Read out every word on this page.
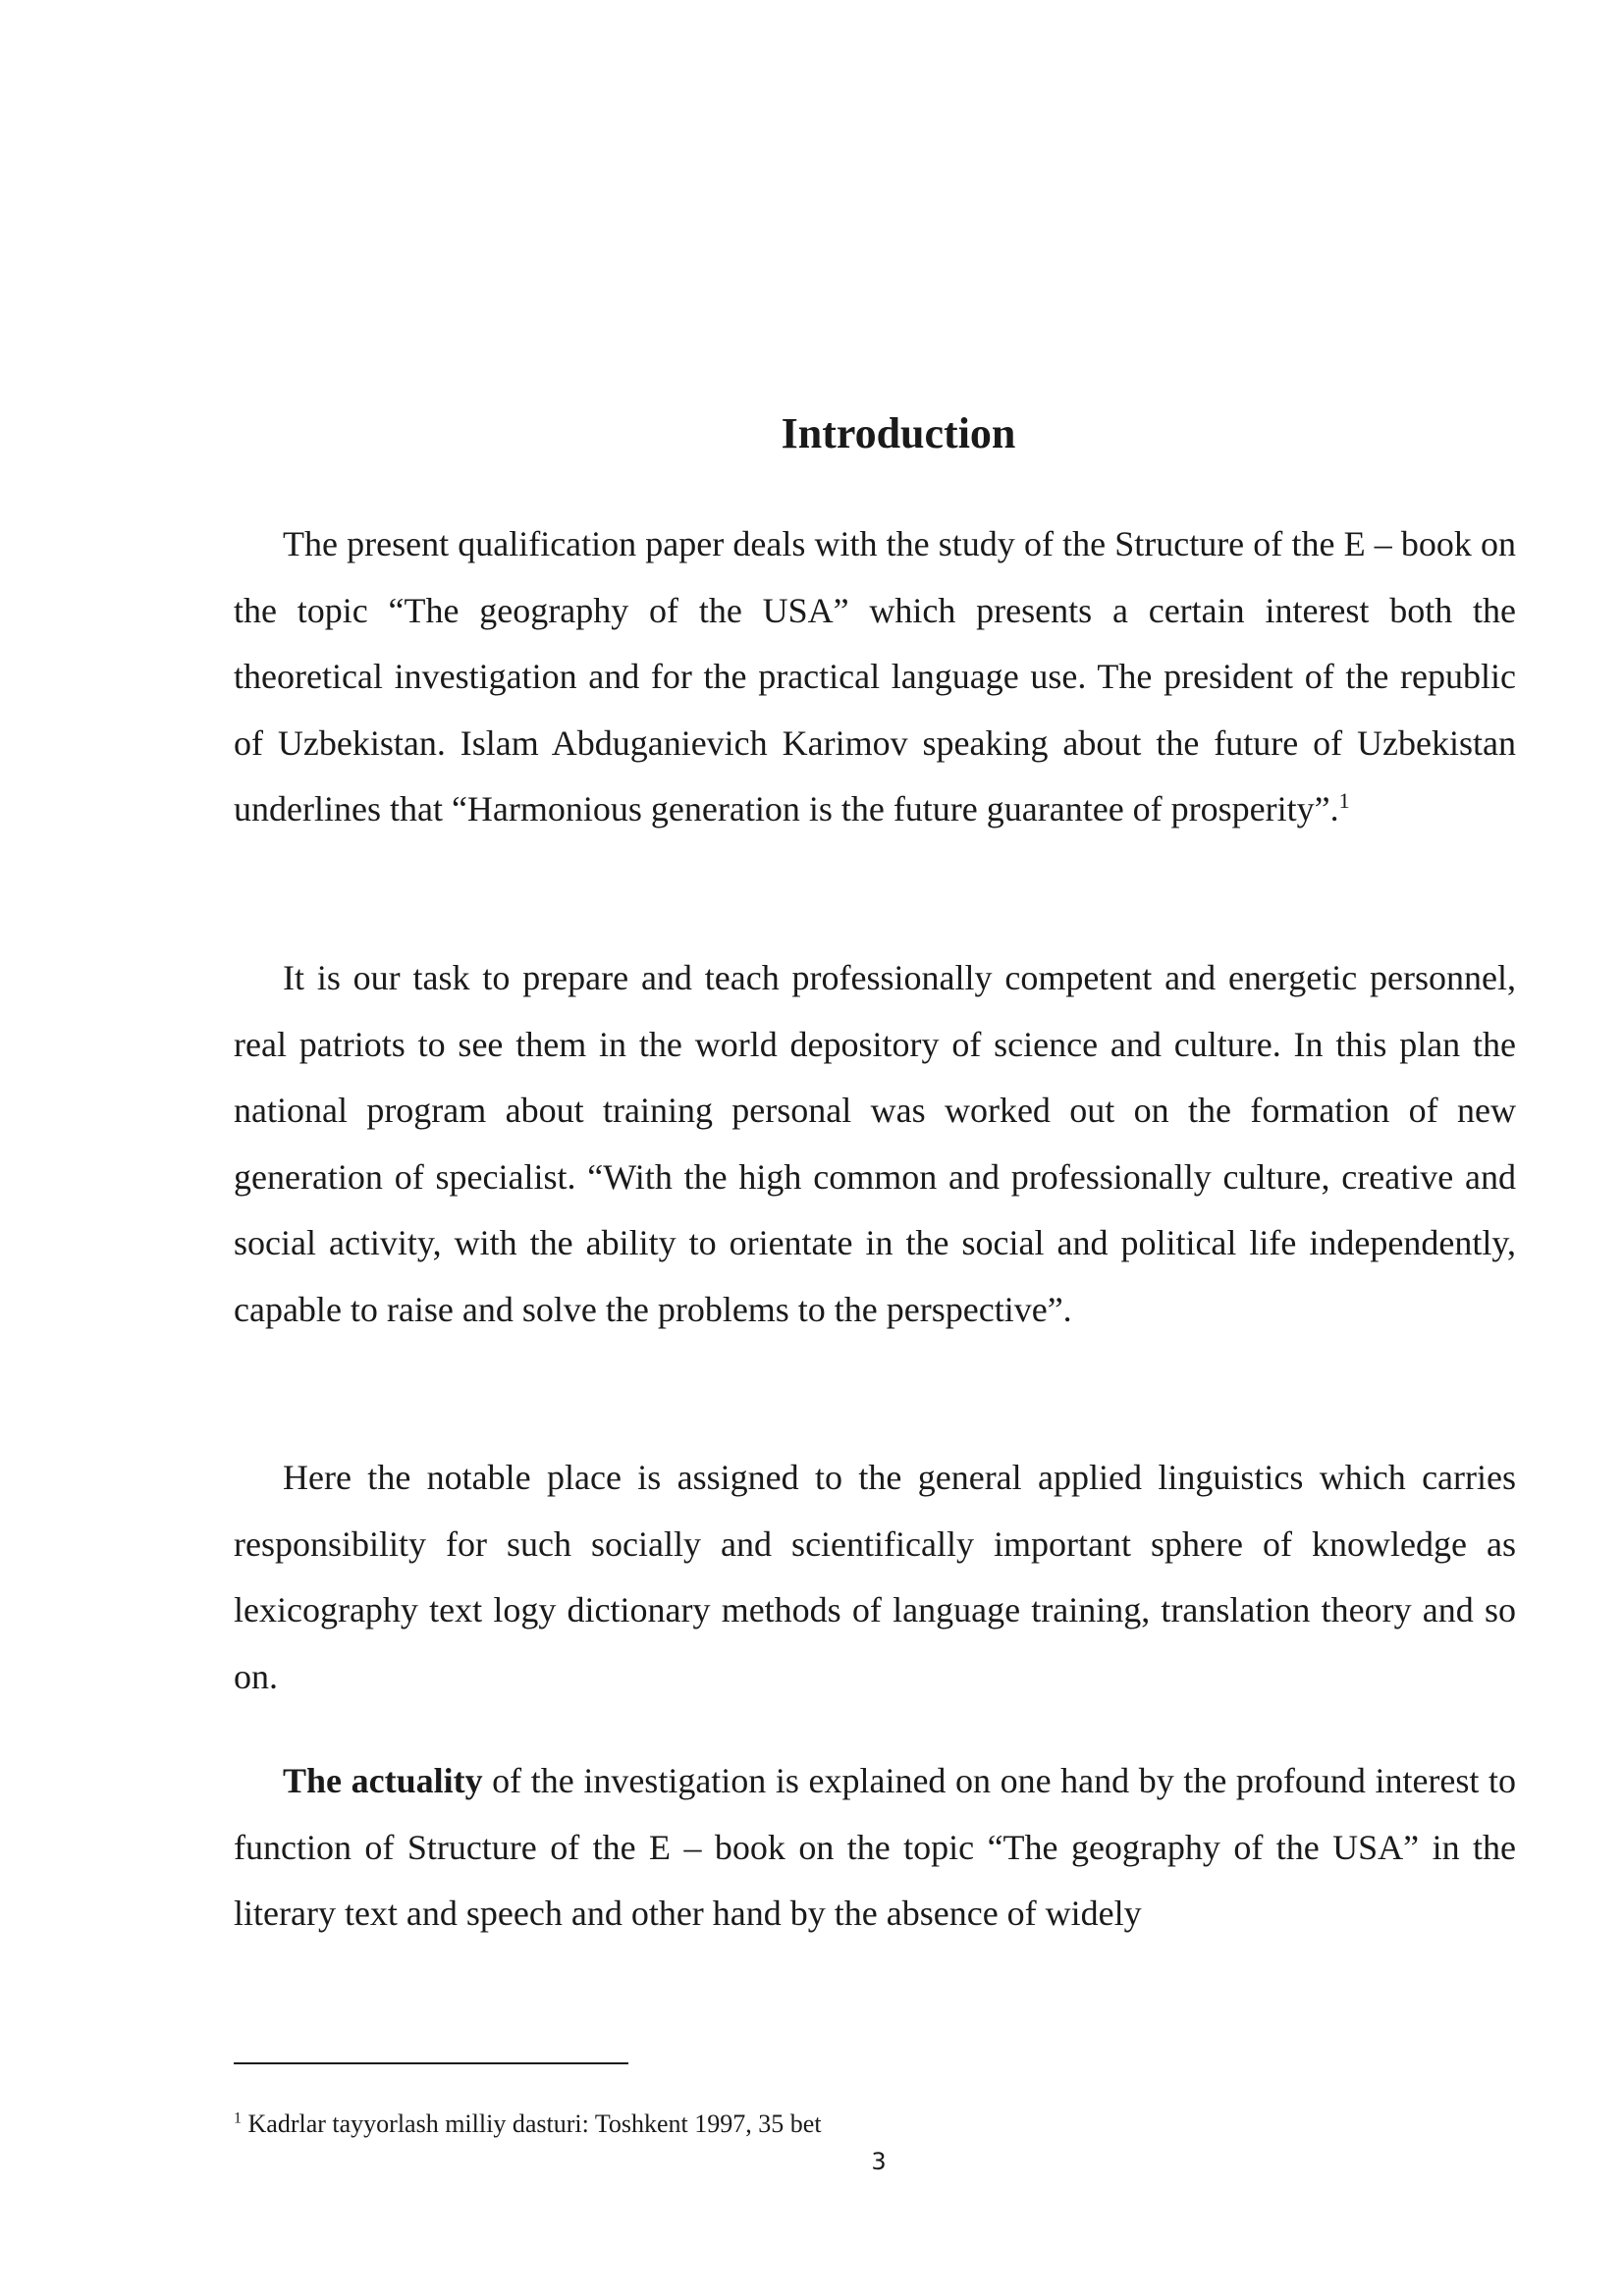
Introduction

The present qualification paper deals with the study of the Structure of the E – book on the topic “The geography of the USA” which presents a certain interest both the theoretical investigation and for the practical language use. The president of the republic of Uzbekistan. Islam Abduganievich Karimov speaking about the future of Uzbekistan underlines that “Harmonious generation is the future guarantee of prosperity”.$^1$

It is our task to prepare and teach professionally competent and energetic personnel, real patriots to see them in the world depository of science and culture. In this plan the national program about training personal was worked out on the formation of new generation of specialist. “With the high common and professionally culture, creative and social activity, with the ability to orientate in the social and political life independently, capable to raise and solve the problems to the perspective”.

Here the notable place is assigned to the general applied linguistics which carries responsibility for such socially and scientifically important sphere of knowledge as lexicography text logy dictionary methods of language training, translation theory and so on.

The actuality of the investigation is explained on one hand by the profound interest to function of Structure of the E – book on the topic “The geography of the USA” in the literary text and speech and other hand by the absence of widely

$^1$ Kadrlar tayyorlash milliy dasturi: Toshkent 1997, 35 bet
3
